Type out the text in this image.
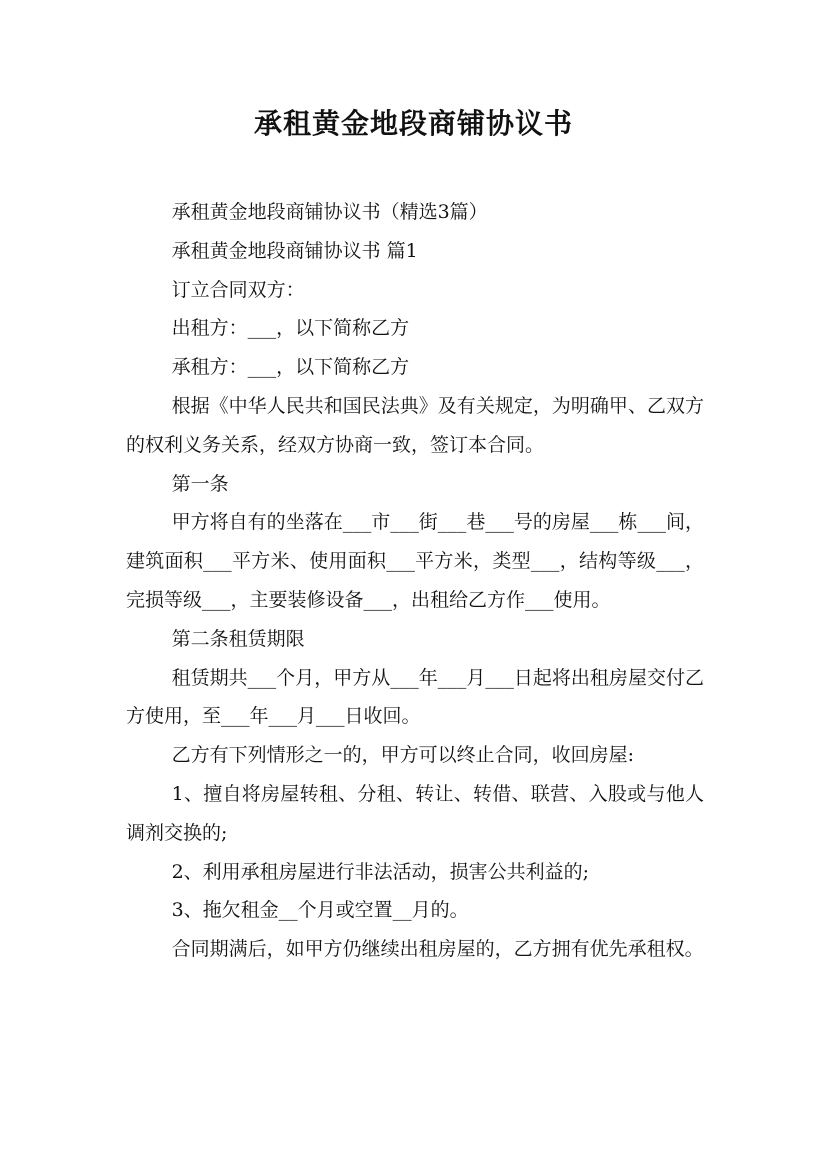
承租黄金地段商铺协议书

承租黄金地段商铺协议书（精选3篇）

承租黄金地段商铺协议书 篇1

订立合同双方：

出租方：___，以下简称乙方

承租方：___，以下简称乙方

根据《中华人民共和国民法典》及有关规定，为明确甲、乙双方的权利义务关系，经双方协商一致，签订本合同。

第一条

甲方将自有的坐落在___市___街___巷___号的房屋___栋___间，建筑面积___平方米、使用面积___平方米，类型___，结构等级___，完损等级___，主要装修设备___，出租给乙方作___使用。

第二条租赁期限

租赁期共___个月，甲方从___年___月___日起将出租房屋交付乙方使用，至___年___月___日收回。

乙方有下列情形之一的，甲方可以终止合同，收回房屋:

1、擅自将房屋转租、分租、转让、转借、联营、入股或与他人调剂交换的;

2、利用承租房屋进行非法活动，损害公共利益的;

3、拖欠租金__个月或空置__月的。

合同期满后，如甲方仍继续出租房屋的，乙方拥有优先承租权。
